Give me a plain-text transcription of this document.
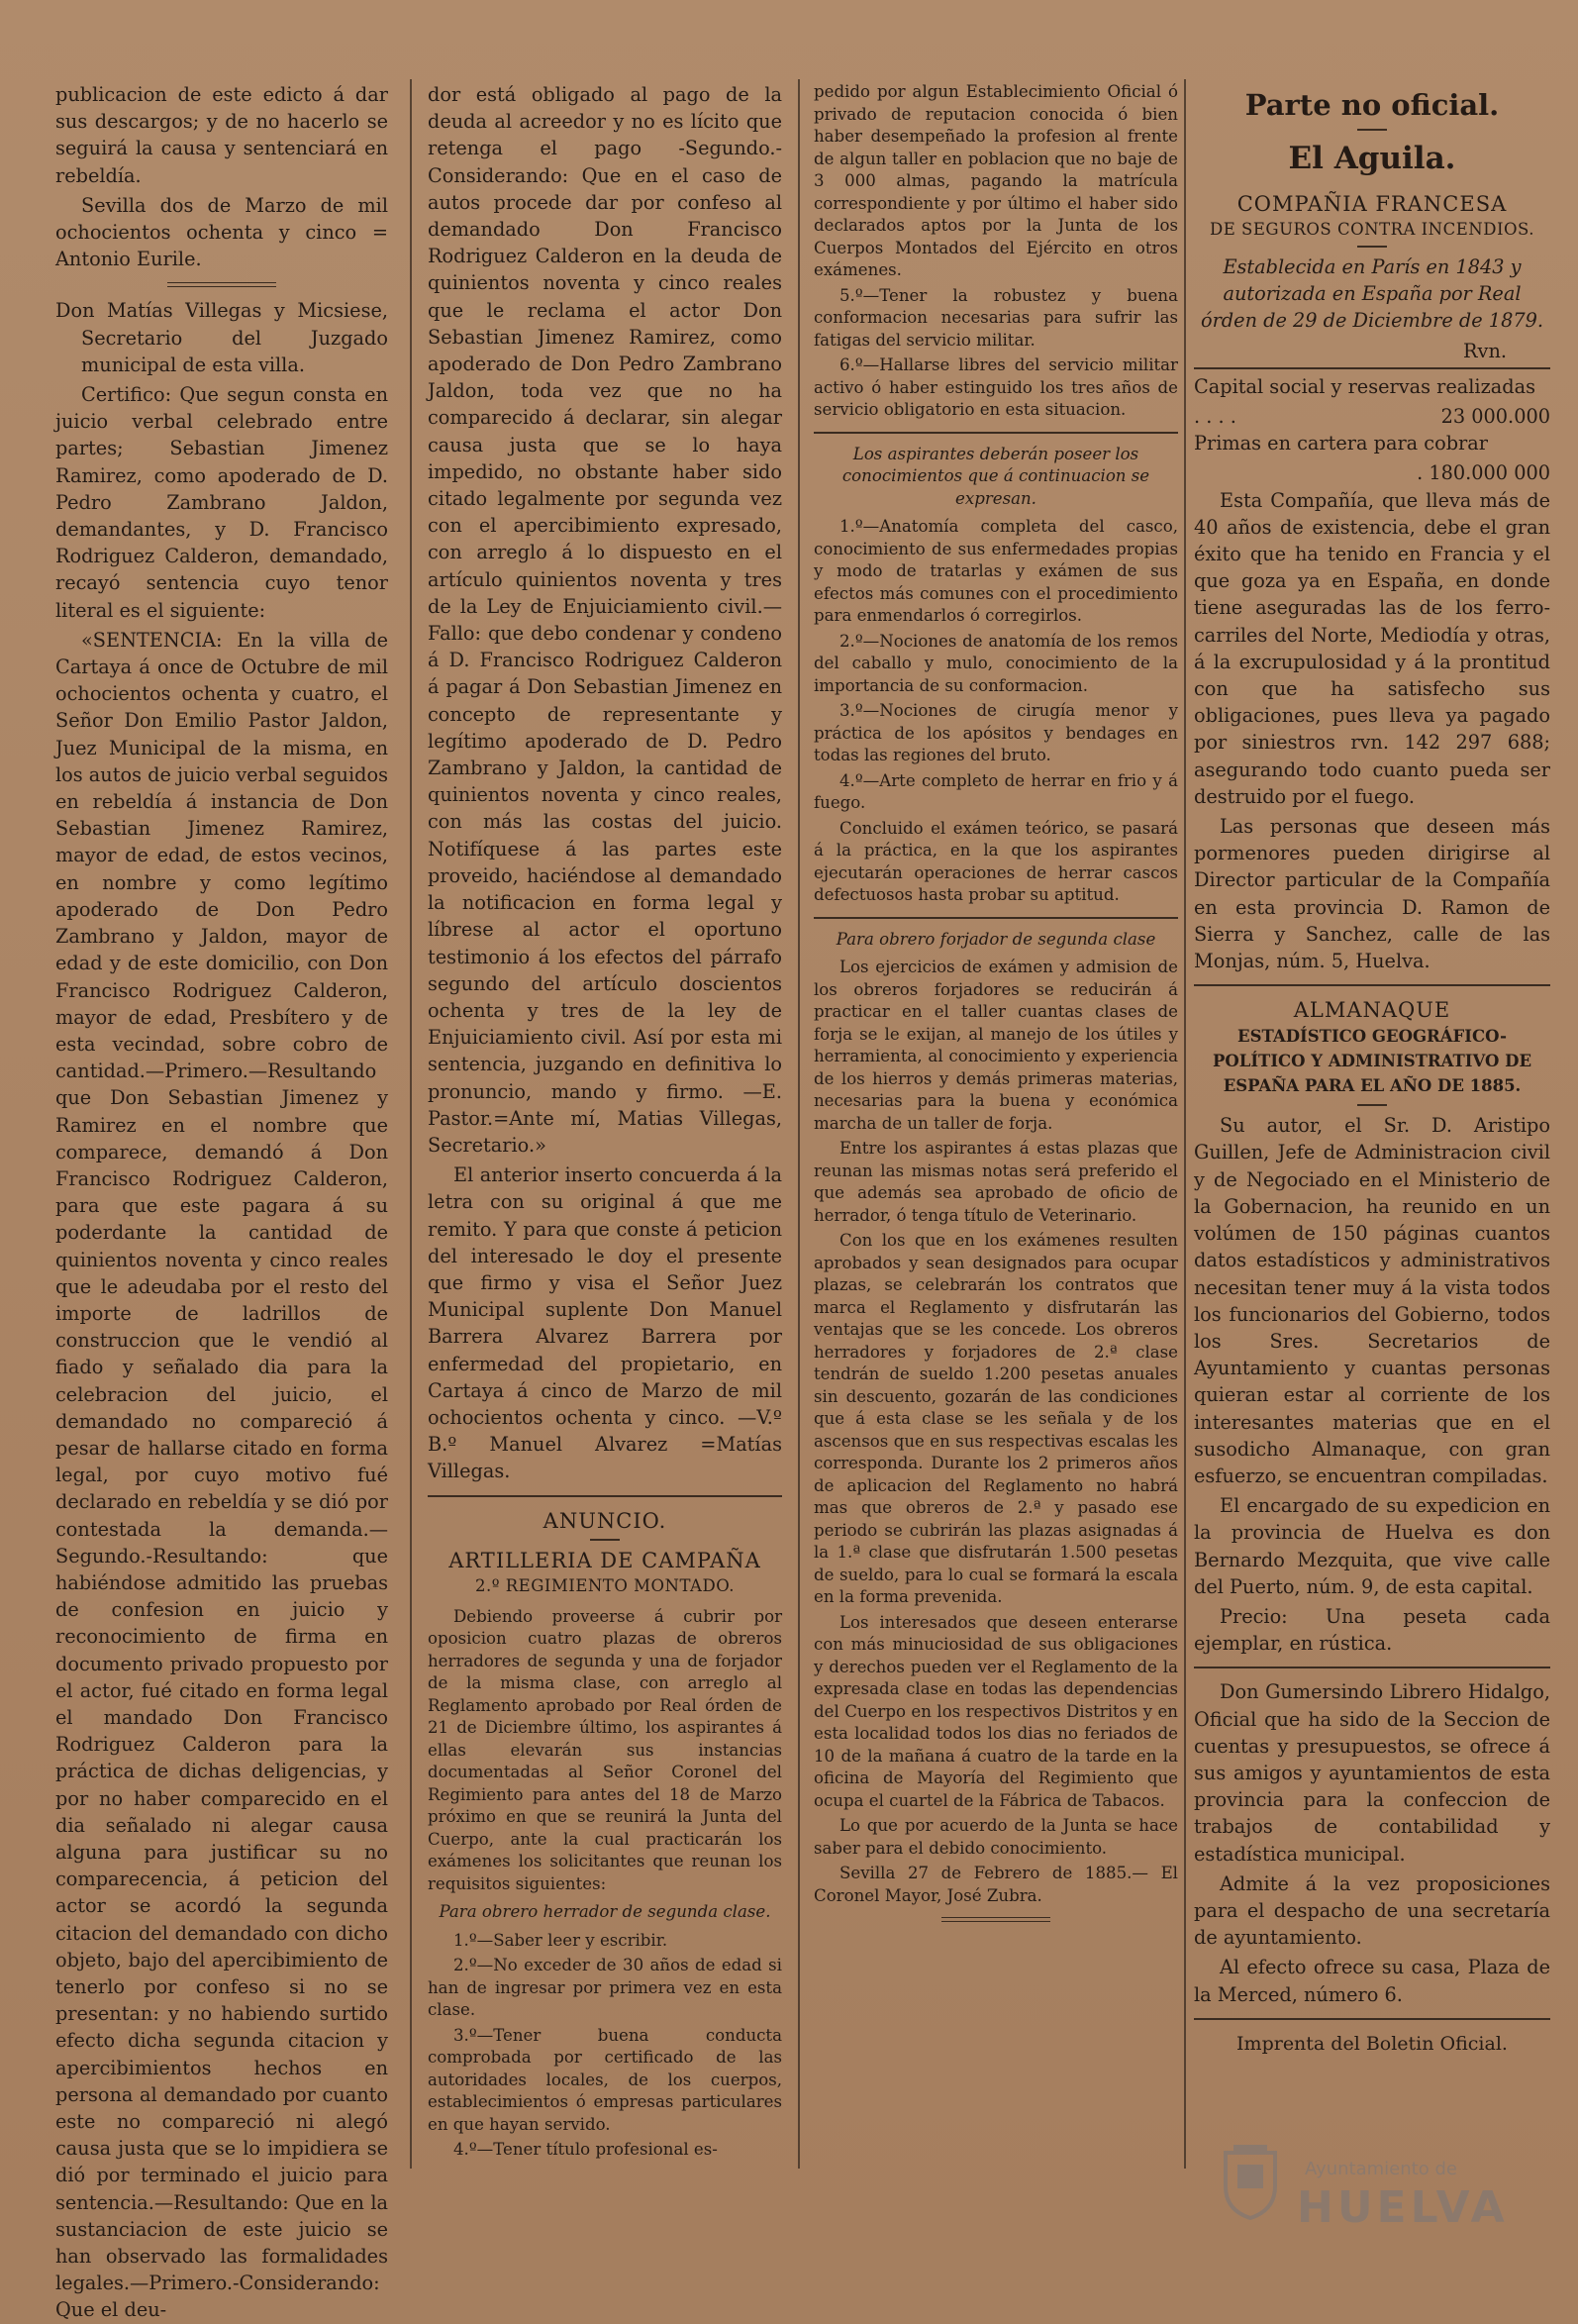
publicacion de este edicto á dar sus descargos; y de no hacerlo se seguirá la causa y sentenciará en rebeldía.

Sevilla dos de Marzo de mil ochocientos ochenta y cinco = Antonio Eurile.

Don Matías Villegas y Micsiese, Secretario del Juzgado municipal de esta villa.

Certifico: Que segun consta en juicio verbal celebrado entre partes; Sebastian Jimenez Ramirez, como apoderado de D. Pedro Zambrano Jaldon, demandantes, y D. Francisco Rodriguez Calderon, demandado, recayó sentencia cuyo tenor literal es el siguiente:

«SENTENCIA: En la villa de Cartaya á once de Octubre de mil ochocientos ochenta y cuatro, el Señor Don Emilio Pastor Jaldon, Juez Municipal de la misma, en los autos de juicio verbal seguidos en rebeldía á instancia de Don Sebastian Jimenez Ramirez, mayor de edad, de estos vecinos, en nombre y como legítimo apoderado de Don Pedro Zambrano y Jaldon, mayor de edad y de este domicilio, con Don Francisco Rodriguez Calderon, mayor de edad, Presbítero y de esta vecindad, sobre cobro de cantidad.—Primero.—Resultando que Don Sebastian Jimenez y Ramirez en el nombre que comparece, demandó á Don Francisco Rodriguez Calderon, para que este pagara á su poderdante la cantidad de quinientos noventa y cinco reales que le adeudaba por el resto del importe de ladrillos de construccion que le vendió al fiado y señalado dia para la celebracion del juicio, el demandado no compareció á pesar de hallarse citado en forma legal, por cuyo motivo fué declarado en rebeldía y se dió por contestada la demanda.—Segundo.-Resultando: que habiéndose admitido las pruebas de confesion en juicio y reconocimiento de firma en documento privado propuesto por el actor, fué citado en forma legal el mandado Don Francisco Rodriguez Calderon para la práctica de dichas deligencias, y por no haber comparecido en el dia señalado ni alegar causa alguna para justificar su no comparecencia, á peticion del actor se acordó la segunda citacion del demandado con dicho objeto, bajo del apercibimiento de tenerlo por confeso si no se presentan: y no habiendo surtido efecto dicha segunda citacion y apercibimientos hechos en persona al demandado por cuanto este no compareció ni alegó causa justa que se lo impidiera se dió por terminado el juicio para sentencia.—Resultando: Que en la sustanciacion de este juicio se han observado las formalidades legales.—Primero.-Considerando: Que el deu-

dor está obligado al pago de la deuda al acreedor y no es lícito que retenga el pago -Segundo.-Considerando: Que en el caso de autos procede dar por confeso al demandado Don Francisco Rodriguez Calderon en la deuda de quinientos noventa y cinco reales que le reclama el actor Don Sebastian Jimenez Ramirez, como apoderado de Don Pedro Zambrano Jaldon, toda vez que no ha comparecido á declarar, sin alegar causa justa que se lo haya impedido, no obstante haber sido citado legalmente por segunda vez con el apercibimiento expresado, con arreglo á lo dispuesto en el artículo quinientos noventa y tres de la Ley de Enjuiciamiento civil.—Fallo: que debo condenar y condeno á D. Francisco Rodriguez Calderon á pagar á Don Sebastian Jimenez en concepto de representante y legítimo apoderado de D. Pedro Zambrano y Jaldon, la cantidad de quinientos noventa y cinco reales, con más las costas del juicio. Notifíquese á las partes este proveido, haciéndose al demandado la notificacion en forma legal y líbrese al actor el oportuno testimonio á los efectos del párrafo segundo del artículo doscientos ochenta y tres de la ley de Enjuiciamiento civil. Así por esta mi sentencia, juzgando en definitiva lo pronuncio, mando y firmo. —E. Pastor.=Ante mí, Matias Villegas, Secretario.»

El anterior inserto concuerda á la letra con su original á que me remito. Y para que conste á peticion del interesado le doy el presente que firmo y visa el Señor Juez Municipal suplente Don Manuel Barrera Alvarez Barrera por enfermedad del propietario, en Cartaya á cinco de Marzo de mil ochocientos ochenta y cinco. —V.º B.º Manuel Alvarez =Matías Villegas.

ANUNCIO.

ARTILLERIA DE CAMPAÑA

2.º REGIMIENTO MONTADO.

Debiendo proveerse á cubrir por oposicion cuatro plazas de obreros herradores de segunda y una de forjador de la misma clase, con arreglo al Reglamento aprobado por Real órden de 21 de Diciembre último, los aspirantes á ellas elevarán sus instancias documentadas al Señor Coronel del Regimiento para antes del 18 de Marzo próximo en que se reunirá la Junta del Cuerpo, ante la cual practicarán los exámenes los solicitantes que reunan los requisitos siguientes:

Para obrero herrador de segunda clase.

1.º—Saber leer y escribir.

2.º—No exceder de 30 años de edad si han de ingresar por primera vez en esta clase.

3.º—Tener buena conducta comprobada por certificado de las autoridades locales, de los cuerpos, establecimientos ó empresas particulares en que hayan servido.

4.º—Tener título profesional es-

pedido por algun Establecimiento Oficial ó privado de reputacion conocida ó bien haber desempeñado la profesion al frente de algun taller en poblacion que no baje de 3 000 almas, pagando la matrícula correspondiente y por último el haber sido declarados aptos por la Junta de los Cuerpos Montados del Ejército en otros exámenes.

5.º—Tener la robustez y buena conformacion necesarias para sufrir las fatigas del servicio militar.

6.º—Hallarse libres del servicio militar activo ó haber estinguido los tres años de servicio obligatorio en esta situacion.

Los aspirantes deberán poseer los conocimientos que á continuacion se expresan.

1.º—Anatomía completa del casco, conocimiento de sus enfermedades propias y modo de tratarlas y exámen de sus efectos más comunes con el procedimiento para enmendarlos ó corregirlos.

2.º—Nociones de anatomía de los remos del caballo y mulo, conocimiento de la importancia de su conformacion.

3.º—Nociones de cirugía menor y práctica de los apósitos y bendages en todas las regiones del bruto.

4.º—Arte completo de herrar en frio y á fuego.

Concluido el exámen teórico, se pasará á la práctica, en la que los aspirantes ejecutarán operaciones de herrar cascos defectuosos hasta probar su aptitud.

Para obrero forjador de segunda clase

Los ejercicios de exámen y admision de los obreros forjadores se reducirán á practicar en el taller cuantas clases de forja se le exijan, al manejo de los útiles y herramienta, al conocimiento y experiencia de los hierros y demás primeras materias, necesarias para la buena y económica marcha de un taller de forja.

Entre los aspirantes á estas plazas que reunan las mismas notas será preferido el que además sea aprobado de oficio de herrador, ó tenga título de Veterinario.

Con los que en los exámenes resulten aprobados y sean designados para ocupar plazas, se celebrarán los contratos que marca el Reglamento y disfrutarán las ventajas que se les concede. Los obreros herradores y forjadores de 2.ª clase tendrán de sueldo 1.200 pesetas anuales sin descuento, gozarán de las condiciones que á esta clase se les señala y de los ascensos que en sus respectivas escalas les corresponda. Durante los 2 primeros años de aplicacion del Reglamento no habrá mas que obreros de 2.ª y pasado ese periodo se cubrirán las plazas asignadas á la 1.ª clase que disfrutarán 1.500 pesetas de sueldo, para lo cual se formará la escala en la forma prevenida.

Los interesados que deseen enterarse con más minuciosidad de sus obligaciones y derechos pueden ver el Reglamento de la expresada clase en todas las dependencias del Cuerpo en los respectivos Distritos y en esta localidad todos los dias no feriados de 10 de la mañana á cuatro de la tarde en la oficina de Mayoría del Regimiento que ocupa el cuartel de la Fábrica de Tabacos.

Lo que por acuerdo de la Junta se hace saber para el debido conocimiento.

Sevilla 27 de Febrero de 1885.— El Coronel Mayor, José Zubra.

Parte no oficial.

El Aguila.

COMPAÑIA FRANCESA

DE SEGUROS CONTRA INCENDIOS.

Establecida en París en 1843 y autorizada en España por Real órden de 29 de Diciembre de 1879.

Rvn.

Capital social y reservas realizadas

. . . .	23 000.000

Primas en cartera para cobrar

. 180.000 000

Esta Compañía, que lleva más de 40 años de existencia, debe el gran éxito que ha tenido en Francia y el que goza ya en España, en donde tiene aseguradas las de los ferro-carriles del Norte, Mediodía y otras, á la excrupulosidad y á la prontitud con que ha satisfecho sus obligaciones, pues lleva ya pagado por siniestros rvn. 142 297 688; asegurando todo cuanto pueda ser destruido por el fuego.

Las personas que deseen más pormenores pueden dirigirse al Director particular de la Compañía en esta provincia D. Ramon de Sierra y Sanchez, calle de las Monjas, núm. 5, Huelva.

ALMANAQUE

ESTADÍSTICO GEOGRÁFICO-POLÍTICO Y ADMINISTRATIVO DE ESPAÑA PARA EL AÑO DE 1885.

Su autor, el Sr. D. Aristipo Guillen, Jefe de Administracion civil y de Negociado en el Ministerio de la Gobernacion, ha reunido en un volúmen de 150 páginas cuantos datos estadísticos y administrativos necesitan tener muy á la vista todos los funcionarios del Gobierno, todos los Sres. Secretarios de Ayuntamiento y cuantas personas quieran estar al corriente de los interesantes materias que en el susodicho Almanaque, con gran esfuerzo, se encuentran compiladas.

El encargado de su expedicion en la provincia de Huelva es don Bernardo Mezquita, que vive calle del Puerto, núm. 9, de esta capital.

Precio: Una peseta cada ejemplar, en rústica.

Don Gumersindo Librero Hidalgo, Oficial que ha sido de la Seccion de cuentas y presupuestos, se ofrece á sus amigos y ayuntamientos de esta provincia para la confeccion de trabajos de contabilidad y estadística municipal.

Admite á la vez proposiciones para el despacho de una secretaría de ayuntamiento.

Al efecto ofrece su casa, Plaza de la Merced, número 6.

Imprenta del Boletin Oficial.

Ayuntamiento de
HUELVA
